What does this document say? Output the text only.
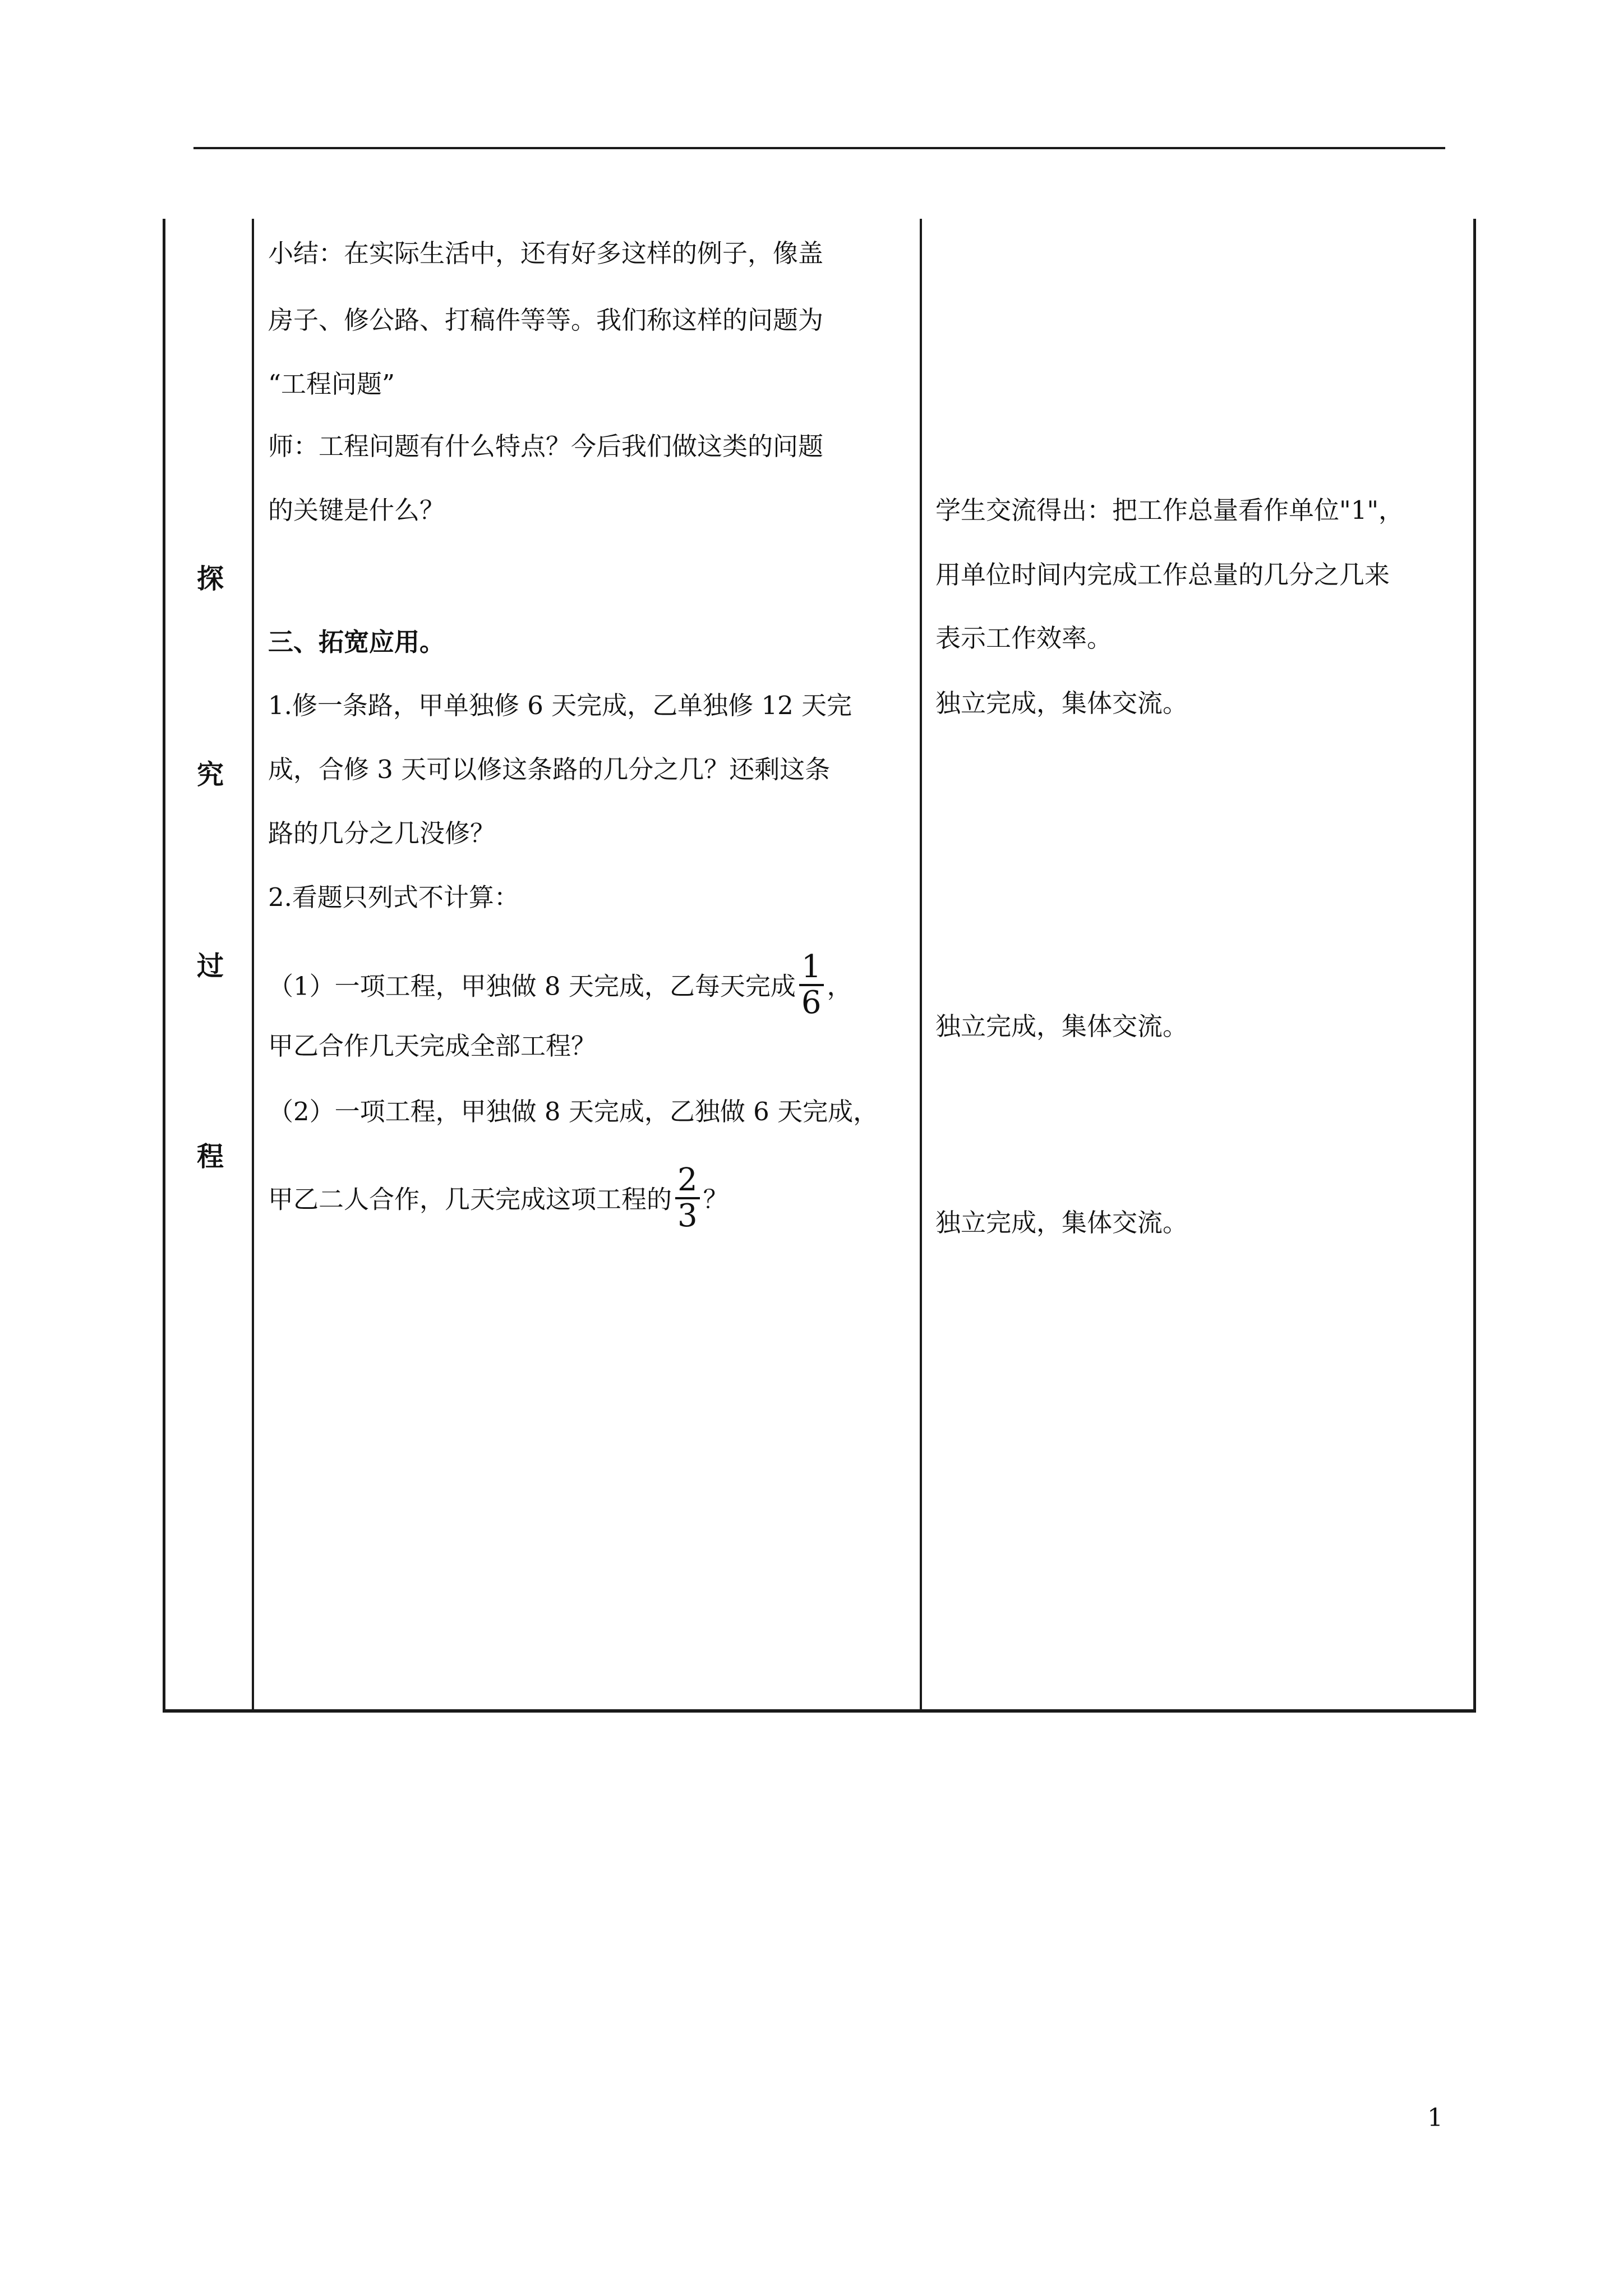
探
究
过
程
小结：在实际生活中，还有好多这样的例子，像盖
房子、修公路、打稿件等等。我们称这样的问题为
“工程问题”
师：工程问题有什么特点？今后我们做这类的问题
的关键是什么？
三、拓宽应用。
1.修一条路，甲单独修 6 天完成，乙单独修 12 天完
成，合修 3 天可以修这条路的几分之几？还剩这条
路的几分之几没修？
2.看题只列式不计算：
（1）一项工程，甲独做 8 天完成，乙每天完成 $\frac{1}{6}$ ，
甲乙合作几天完成全部工程？
（2）一项工程，甲独做 8 天完成，乙独做 6 天完成，
甲乙二人合作，几天完成这项工程的 $\frac{2}{3}$ ？
学生交流得出：把工作总量看作单位"1"，
用单位时间内完成工作总量的几分之几来
表示工作效率。
独立完成，集体交流。
独立完成，集体交流。
独立完成，集体交流。
1
